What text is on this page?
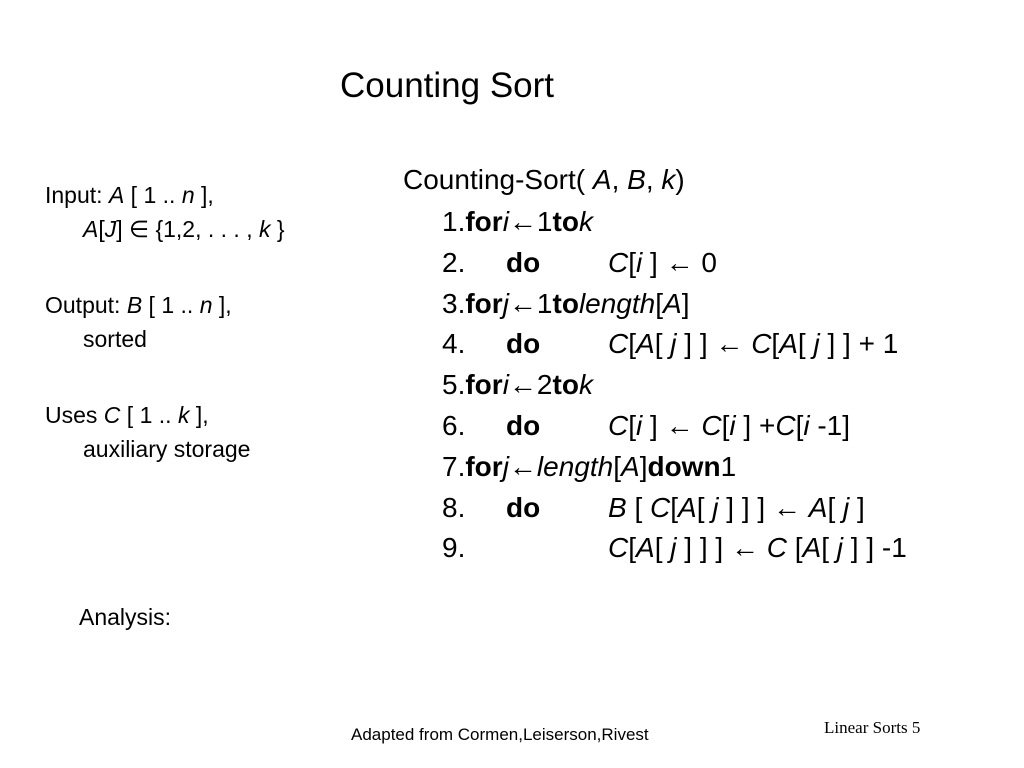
Counting Sort
Input: A [ 1 .. n ],
A[J] ∈ {1,2, . . . , k }
Output: B [ 1 .. n ],
sorted
Uses C [ 1 .. k ],
auxiliary storage
Analysis:
Counting-Sort( A, B, k)
1.fori←1tok
2. do C[i ] ← 0
3.forj←1tolength[A]
4. do C[A[ j ] ] ← C[A[ j ] ] + 1
5.fori←2tok
6. do C[i ] ← C[i ] +C[i -1]
7.forj←length[A]down1
8. do B [ C[A[ j ] ] ] ← A[ j ]
9.	C[A[ j ] ] ] ← C [A[ j ] ] -1
Adapted from Cormen,Leiserson,Rivest	Linear Sorts 5
